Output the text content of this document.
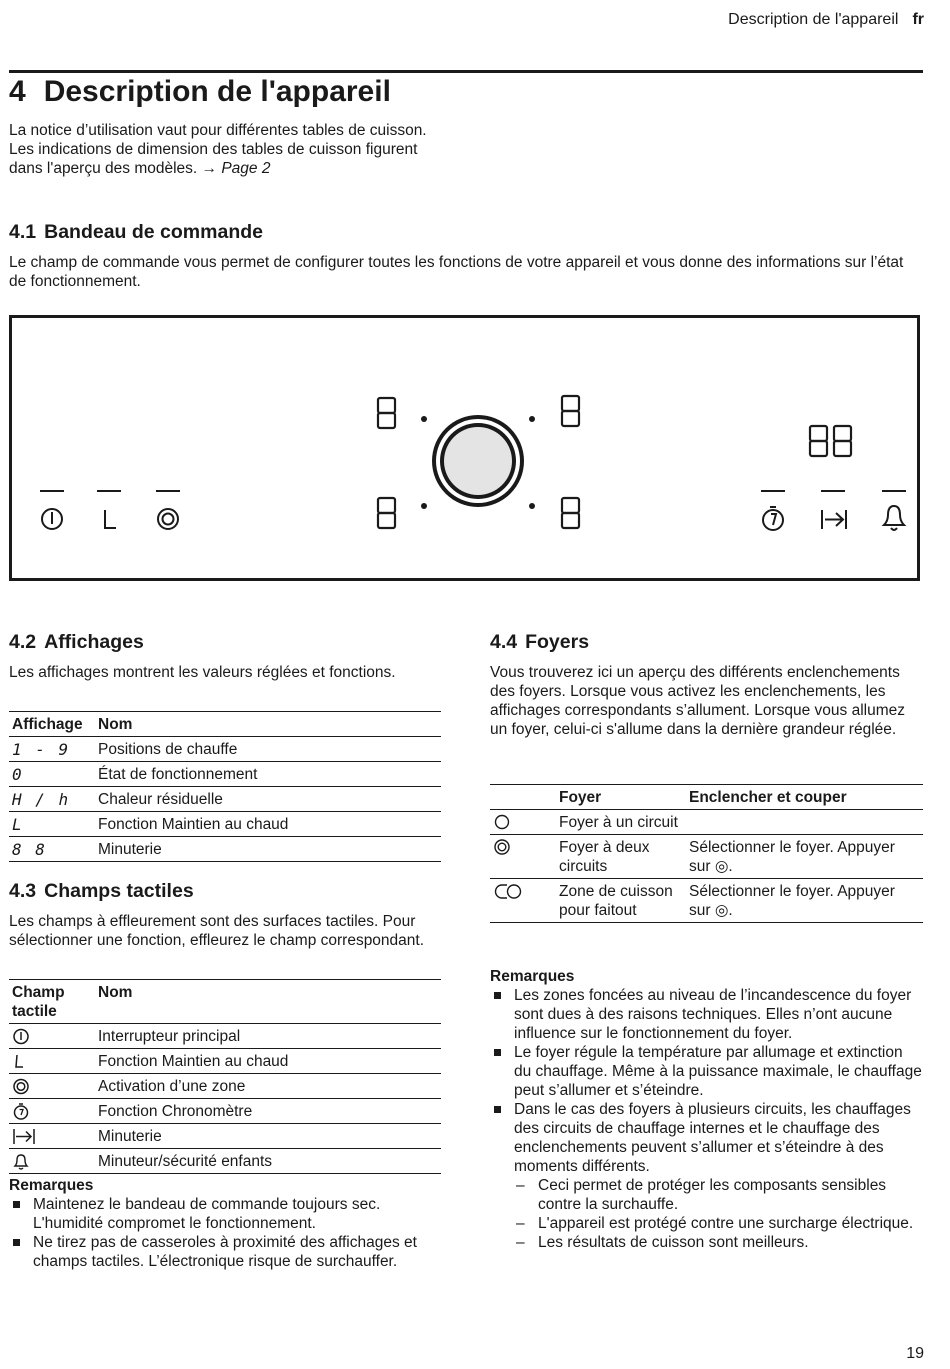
Description de l'appareil fr
4 Description de l'appareil

La notice d’utilisation vaut pour différentes tables de cuisson. Les indications de dimension des tables de cuisson figurent dans l'aperçu des modèles. → Page 2

4.1 Bandeau de commande

Le champ de commande vous permet de configurer toutes les fonctions de votre appareil et vous donne des informations sur l’état de fonctionnement.

4.2 Affichages

Les affichages montrent les valeurs réglées et fonctions.

Affichage	Nom
1 - 9	Positions de chauffe
0	État de fonctionnement
H / h	Chaleur résiduelle
L	Fonction Maintien au chaud
8 8	Minuterie
4.3 Champs tactiles

Les champs à effleurement sont des surfaces tactiles. Pour sélectionner une fonction, effleurez le champ correspondant.

Champ tactile	Nom

	Interrupteur principal

	Fonction Maintien au chaud

	Activation d’une zone

	Fonction Chronomètre

	Minuterie

	Minuteur/sécurité enfants
Remarques
Maintenez le bandeau de commande toujours sec. L'humidité compromet le fonctionnement.
Ne tirez pas de casseroles à proximité des affichages et champs tactiles. L’électronique risque de surchauffer.
4.4 Foyers

Vous trouverez ici un aperçu des différents enclenchements des foyers. Lorsque vous activez les enclenchements, les affichages correspondants s’allument. Lorsque vous allumez un foyer, celui-ci s'allume dans la dernière grandeur réglée.

	Foyer	Enclencher et couper

	Foyer à un circuit	

	Foyer à deux circuits	Sélectionner le foyer. Appuyer sur ◎.

	Zone de cuisson pour faitout	Sélectionner le foyer. Appuyer sur ◎.
Remarques
Les zones foncées au niveau de l’incandescence du foyer sont dues à des raisons techniques. Elles n’ont aucune influence sur le fonctionnement du foyer.
Le foyer régule la température par allumage et extinction du chauffage. Même à la puissance maximale, le chauffage peut s’allumer et s’éteindre.
Dans le cas des foyers à plusieurs circuits, les chauffages des circuits de chauffage internes et le chauffage des enclenchements peuvent s’allumer et s’éteindre à des moments différents.
– Ceci permet de protéger les composants sensibles contre la surchauffe.
– L'appareil est protégé contre une surcharge électrique.
– Les résultats de cuisson sont meilleurs.
19
